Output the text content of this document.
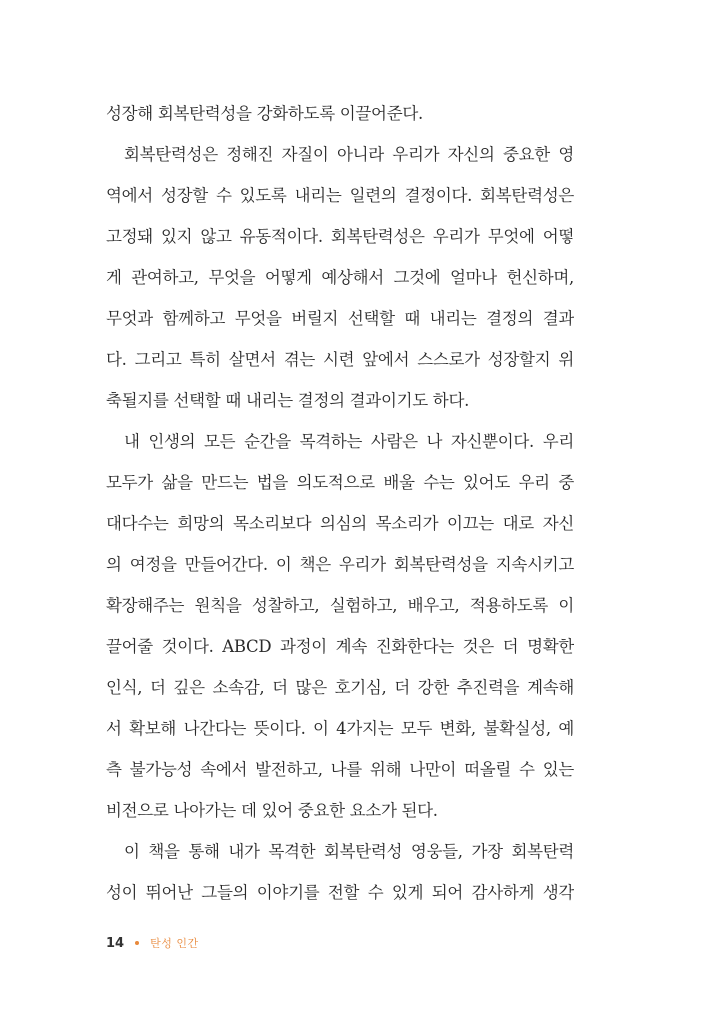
성장해 회복탄력성을 강화하도록 이끌어준다.
회복탄력성은 정해진 자질이 아니라 우리가 자신의 중요한 영
역에서 성장할 수 있도록 내리는 일련의 결정이다. 회복탄력성은
고정돼 있지 않고 유동적이다. 회복탄력성은 우리가 무엇에 어떻
게 관여하고, 무엇을 어떻게 예상해서 그것에 얼마나 헌신하며,
무엇과 함께하고 무엇을 버릴지 선택할 때 내리는 결정의 결과
다. 그리고 특히 살면서 겪는 시련 앞에서 스스로가 성장할지 위
축될지를 선택할 때 내리는 결정의 결과이기도 하다.
내 인생의 모든 순간을 목격하는 사람은 나 자신뿐이다. 우리
모두가 삶을 만드는 법을 의도적으로 배울 수는 있어도 우리 중
대다수는 희망의 목소리보다 의심의 목소리가 이끄는 대로 자신
의 여정을 만들어간다. 이 책은 우리가 회복탄력성을 지속시키고
확장해주는 원칙을 성찰하고, 실험하고, 배우고, 적용하도록 이
끌어줄 것이다. ABCD 과정이 계속 진화한다는 것은 더 명확한
인식, 더 깊은 소속감, 더 많은 호기심, 더 강한 추진력을 계속해
서 확보해 나간다는 뜻이다. 이 4가지는 모두 변화, 불확실성, 예
측 불가능성 속에서 발전하고, 나를 위해 나만이 떠올릴 수 있는
비전으로 나아가는 데 있어 중요한 요소가 된다.
이 책을 통해 내가 목격한 회복탄력성 영웅들, 가장 회복탄력
성이 뛰어난 그들의 이야기를 전할 수 있게 되어 감사하게 생각
14 탄성 인간
